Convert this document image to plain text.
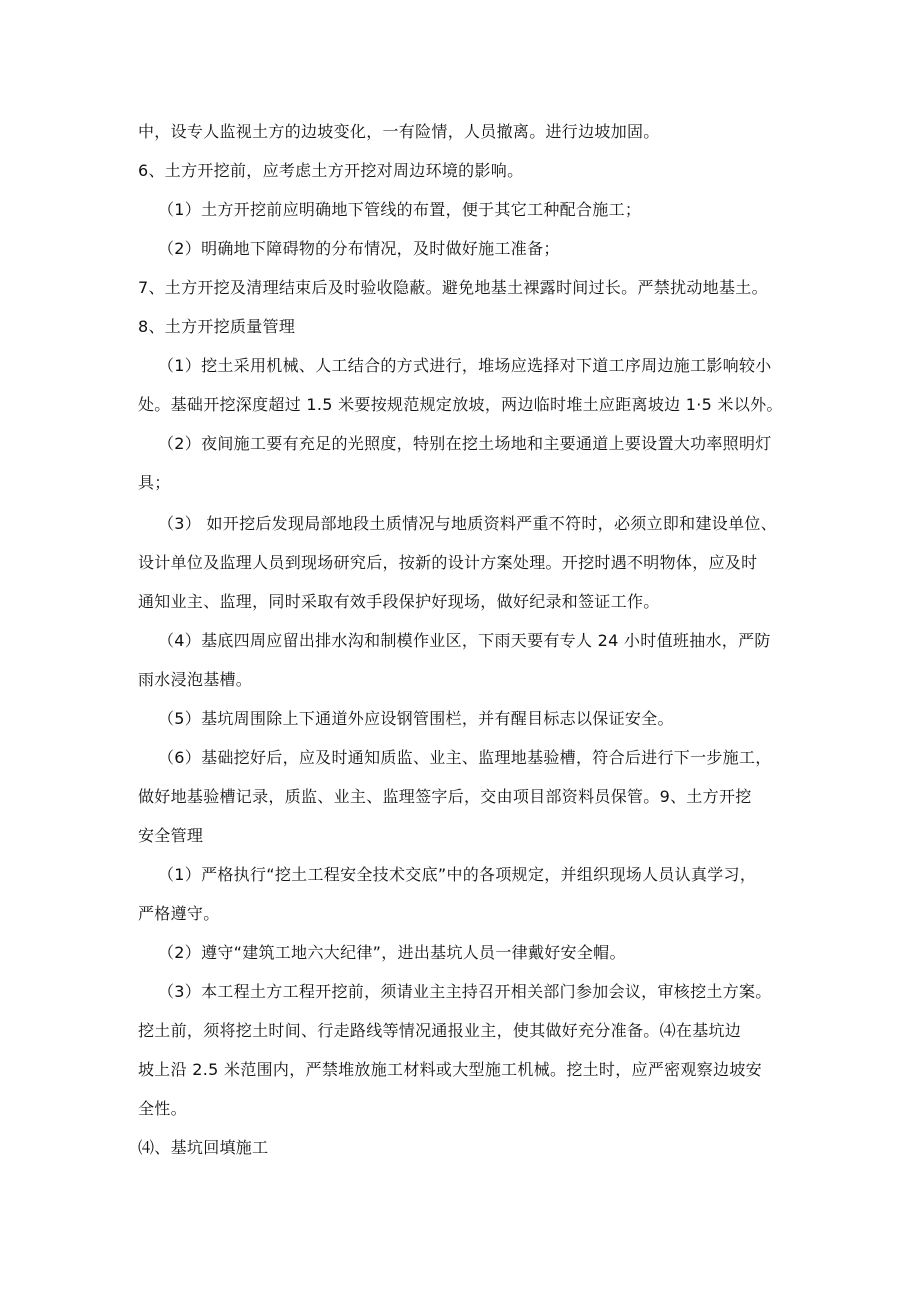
中，设专人监视土方的边坡变化，一有险情，人员撤离。进行边坡加固。
6、土方开挖前，应考虑土方开挖对周边环境的影响。
（1）土方开挖前应明确地下管线的布置，便于其它工种配合施工；
（2）明确地下障碍物的分布情况，及时做好施工准备；
7、土方开挖及清理结束后及时验收隐蔽。避免地基土裸露时间过长。严禁扰动地基土。
8、土方开挖质量管理
（1）挖土采用机械、人工结合的方式进行，堆场应选择对下道工序周边施工影响较小
处。基础开挖深度超过 1.5 米要按规范规定放坡，两边临时堆土应距离坡边 1·5 米以外。
（2）夜间施工要有充足的光照度，特别在挖土场地和主要通道上要设置大功率照明灯
具；
（3） 如开挖后发现局部地段土质情况与地质资料严重不符时，必须立即和建设单位、
设计单位及监理人员到现场研究后，按新的设计方案处理。开挖时遇不明物体，应及时
通知业主、监理，同时采取有效手段保护好现场，做好纪录和签证工作。
（4）基底四周应留出排水沟和制模作业区，下雨天要有专人 24 小时值班抽水，严防
雨水浸泡基槽。
（5）基坑周围除上下通道外应设钢管围栏，并有醒目标志以保证安全。
（6）基础挖好后，应及时通知质监、业主、监理地基验槽，符合后进行下一步施工，
做好地基验槽记录，质监、业主、监理签字后，交由项目部资料员保管。9、土方开挖
安全管理
（1）严格执行“挖土工程安全技术交底”中的各项规定，并组织现场人员认真学习，
严格遵守。
（2）遵守“建筑工地六大纪律”，进出基坑人员一律戴好安全帽。
（3）本工程土方工程开挖前，须请业主主持召开相关部门参加会议，审核挖土方案。
挖土前，须将挖土时间、行走路线等情况通报业主，使其做好充分准备。⑷在基坑边
坡上沿 2.5 米范围内，严禁堆放施工材料或大型施工机械。挖土时，应严密观察边坡安
全性。
⑷、基坑回填施工
